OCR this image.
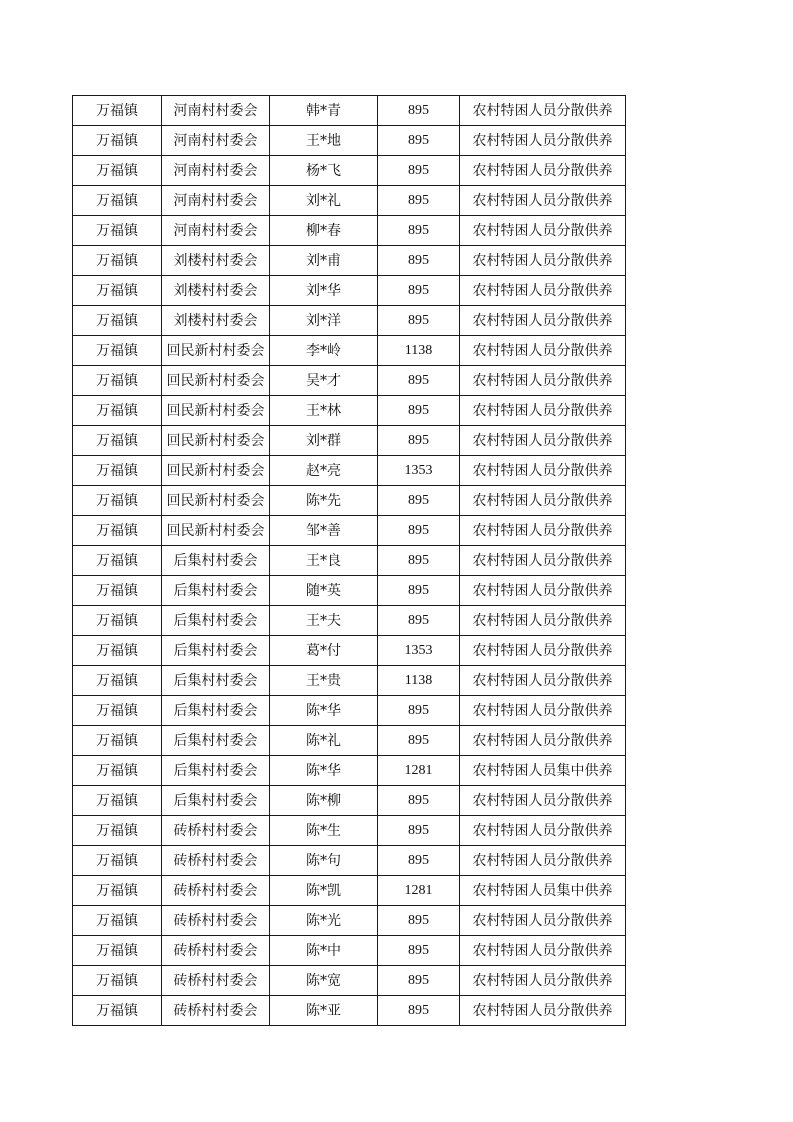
万福镇	河南村村委会	韩*青	895	农村特困人员分散供养
万福镇	河南村村委会	王*地	895	农村特困人员分散供养
万福镇	河南村村委会	杨*飞	895	农村特困人员分散供养
万福镇	河南村村委会	刘*礼	895	农村特困人员分散供养
万福镇	河南村村委会	柳*春	895	农村特困人员分散供养
万福镇	刘楼村村委会	刘*甫	895	农村特困人员分散供养
万福镇	刘楼村村委会	刘*华	895	农村特困人员分散供养
万福镇	刘楼村村委会	刘*洋	895	农村特困人员分散供养
万福镇	回民新村村委会	李*岭	1138	农村特困人员分散供养
万福镇	回民新村村委会	吴*才	895	农村特困人员分散供养
万福镇	回民新村村委会	王*林	895	农村特困人员分散供养
万福镇	回民新村村委会	刘*群	895	农村特困人员分散供养
万福镇	回民新村村委会	赵*亮	1353	农村特困人员分散供养
万福镇	回民新村村委会	陈*先	895	农村特困人员分散供养
万福镇	回民新村村委会	邹*善	895	农村特困人员分散供养
万福镇	后集村村委会	王*良	895	农村特困人员分散供养
万福镇	后集村村委会	随*英	895	农村特困人员分散供养
万福镇	后集村村委会	王*夫	895	农村特困人员分散供养
万福镇	后集村村委会	葛*付	1353	农村特困人员分散供养
万福镇	后集村村委会	王*贵	1138	农村特困人员分散供养
万福镇	后集村村委会	陈*华	895	农村特困人员分散供养
万福镇	后集村村委会	陈*礼	895	农村特困人员分散供养
万福镇	后集村村委会	陈*华	1281	农村特困人员集中供养
万福镇	后集村村委会	陈*柳	895	农村特困人员分散供养
万福镇	砖桥村村委会	陈*生	895	农村特困人员分散供养
万福镇	砖桥村村委会	陈*句	895	农村特困人员分散供养
万福镇	砖桥村村委会	陈*凯	1281	农村特困人员集中供养
万福镇	砖桥村村委会	陈*光	895	农村特困人员分散供养
万福镇	砖桥村村委会	陈*中	895	农村特困人员分散供养
万福镇	砖桥村村委会	陈*宽	895	农村特困人员分散供养
万福镇	砖桥村村委会	陈*亚	895	农村特困人员分散供养
